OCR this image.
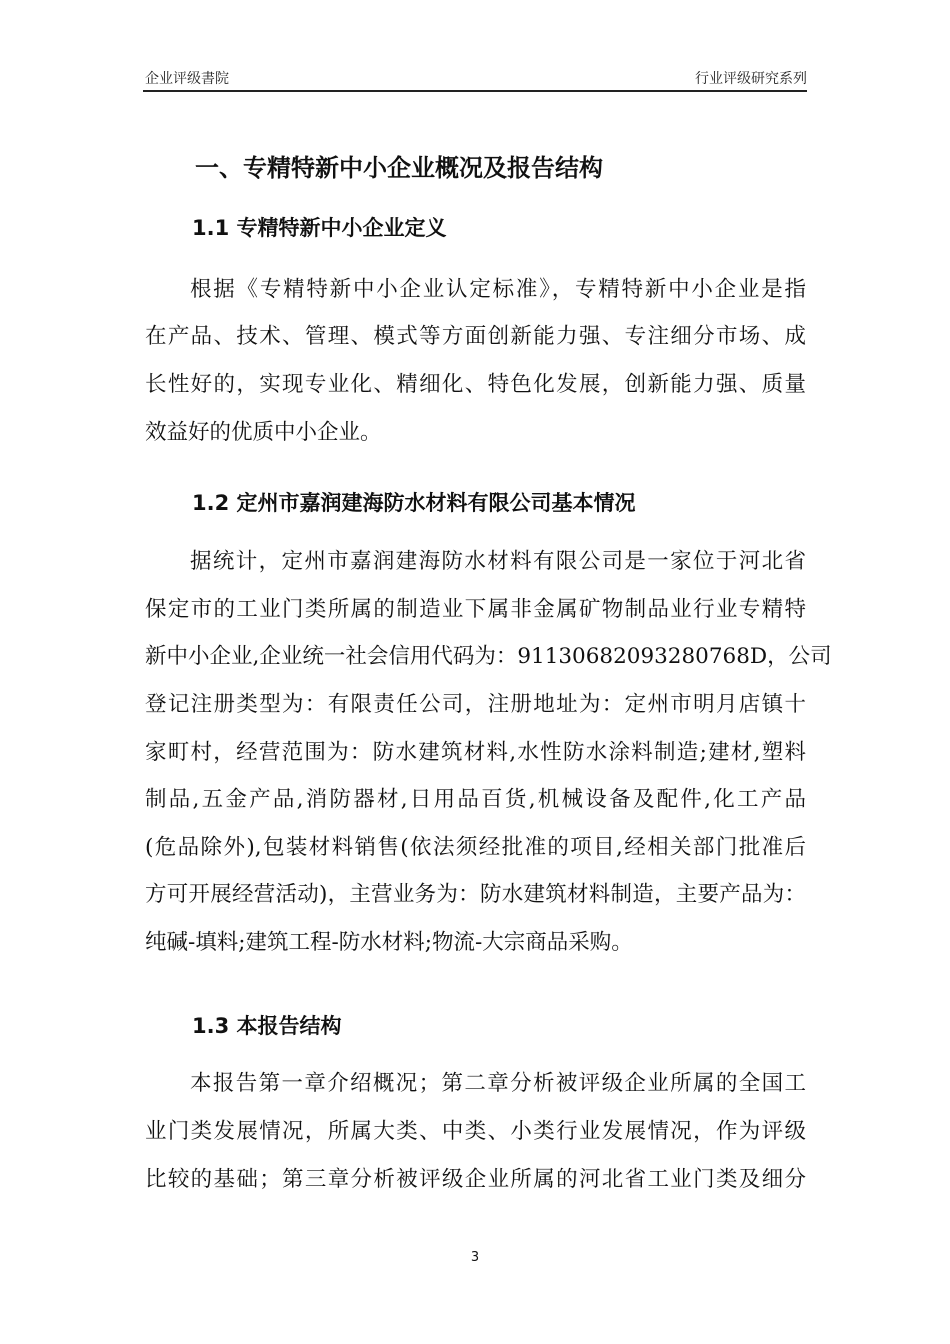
企业评级書院	行业评级研究系列
一、专精特新中小企业概况及报告结构
1.1 专精特新中小企业定义
根据《专精特新中小企业认定标准》，专精特新中小企业是指
在产品、技术、管理、模式等方面创新能力强、专注细分市场、成
长性好的，实现专业化、精细化、特色化发展，创新能力强、质量
效益好的优质中小企业。
1.2 定州市嘉润建海防水材料有限公司基本情况
据统计，定州市嘉润建海防水材料有限公司是一家位于河北省
保定市的工业门类所属的制造业下属非金属矿物制品业行业专精特
新中小企业,企业统一社会信用代码为：91130682093280768D，公司
登记注册类型为：有限责任公司，注册地址为：定州市明月店镇十
家町村，经营范围为：防水建筑材料,水性防水涂料制造;建材,塑料
制品,五金产品,消防器材,日用品百货,机械设备及配件,化工产品
(危品除外),包装材料销售(依法须经批准的项目,经相关部门批准后
方可开展经营活动)，主营业务为：防水建筑材料制造，主要产品为：
纯碱-填料;建筑工程-防水材料;物流-大宗商品采购。
1.3 本报告结构
本报告第一章介绍概况；第二章分析被评级企业所属的全国工
业门类发展情况，所属大类、中类、小类行业发展情况，作为评级
比较的基础；第三章分析被评级企业所属的河北省工业门类及细分
3
